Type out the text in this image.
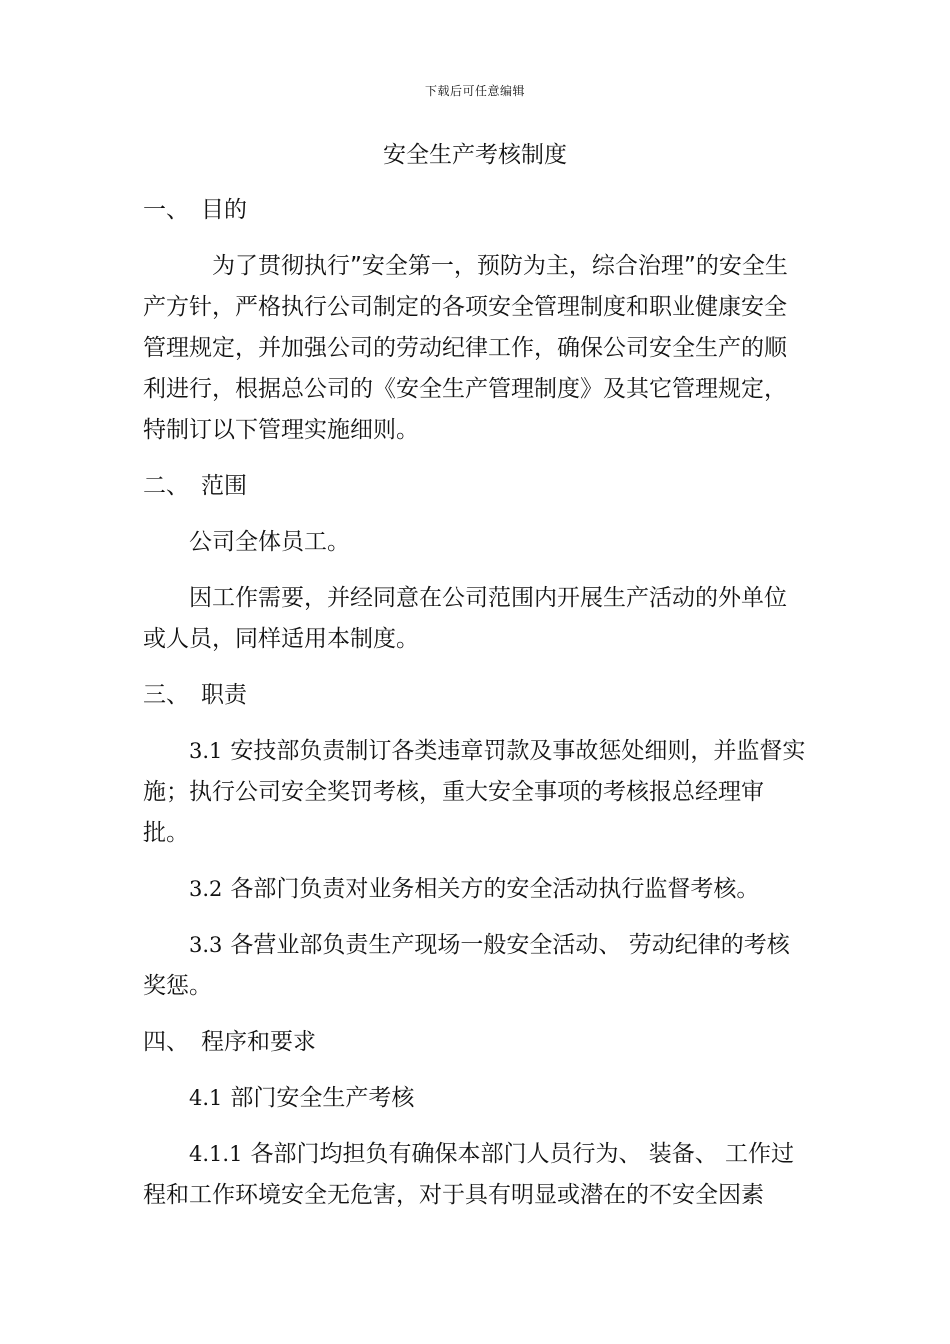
下载后可任意编辑
安全生产考核制度

一、 目的

为了贯彻执行”安全第一，预防为主，综合治理”的安全生产方针，严格执行公司制定的各项安全管理制度和职业健康安全管理规定，并加强公司的劳动纪律工作，确保公司安全生产的顺利进行，根据总公司的《安全生产管理制度》及其它管理规定，特制订以下管理实施细则。

二、 范围

公司全体员工。

因工作需要，并经同意在公司范围内开展生产活动的外单位或人员，同样适用本制度。

三、 职责

3.1 安技部负责制订各类违章罚款及事故惩处细则，并监督实施；执行公司安全奖罚考核，重大安全事项的考核报总经理审批。

3.2 各部门负责对业务相关方的安全活动执行监督考核。

3.3 各营业部负责生产现场一般安全活动、 劳动纪律的考核奖惩。

四、 程序和要求

4.1 部门安全生产考核

4.1.1 各部门均担负有确保本部门人员行为、 装备、 工作过程和工作环境安全无危害，对于具有明显或潜在的不安全因素
